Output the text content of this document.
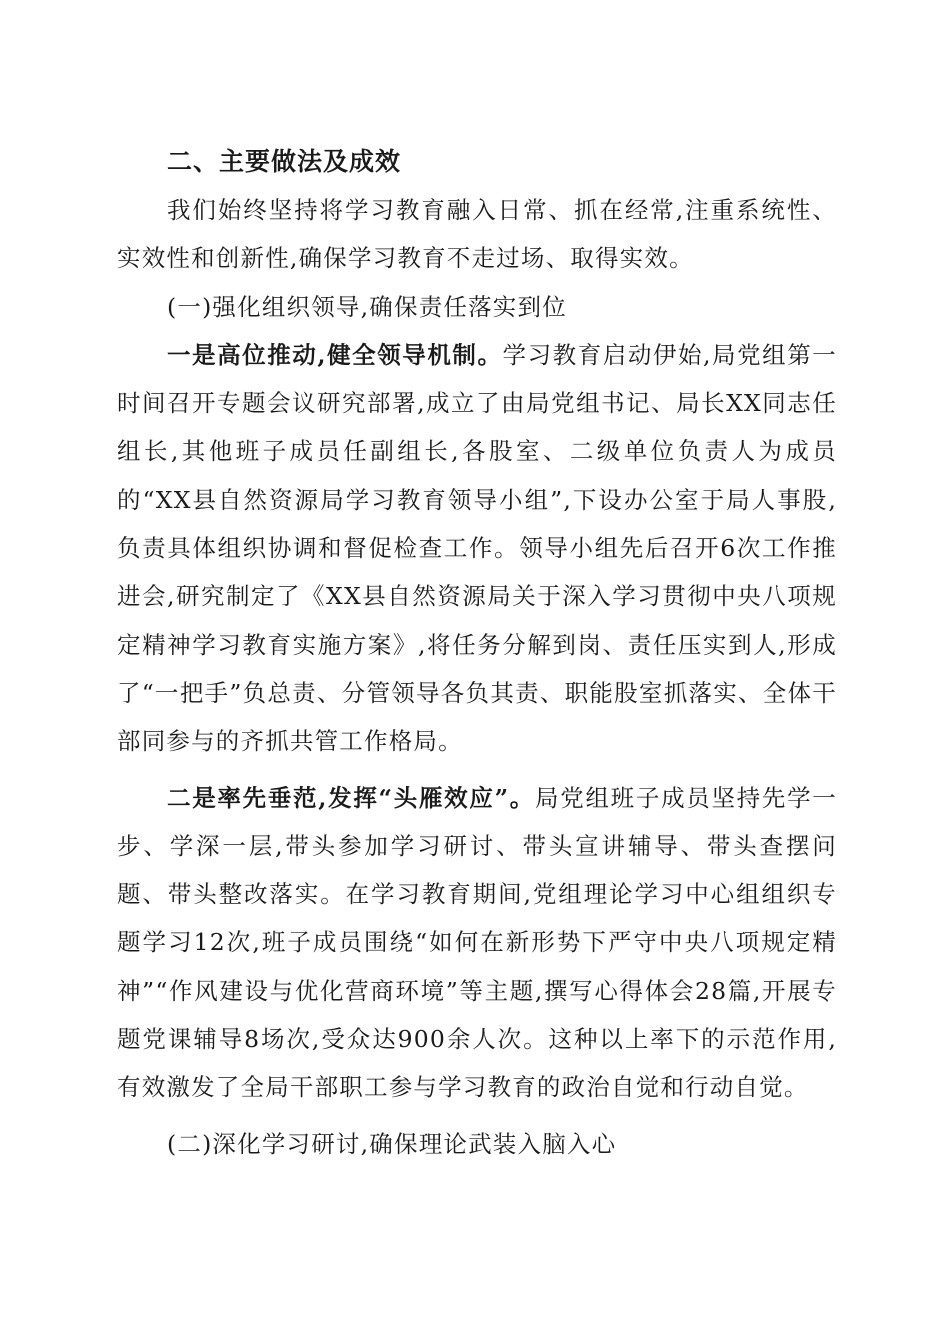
二、主要做法及成效

我们始终坚持将学习教育融入日常、抓在经常,注重系统性、实效性和创新性,确保学习教育不走过场、取得实效。

(一)强化组织领导,确保责任落实到位

一是高位推动,健全领导机制。学习教育启动伊始,局党组第一时间召开专题会议研究部署,成立了由局党组书记、局长XX同志任组长,其他班子成员任副组长,各股室、二级单位负责人为成员的“XX县自然资源局学习教育领导小组”,下设办公室于局人事股,负责具体组织协调和督促检查工作。领导小组先后召开6次工作推进会,研究制定了《XX县自然资源局关于深入学习贯彻中央八项规定精神学习教育实施方案》,将任务分解到岗、责任压实到人,形成了“一把手”负总责、分管领导各负其责、职能股室抓落实、全体干部同参与的齐抓共管工作格局。

二是率先垂范,发挥“头雁效应”。局党组班子成员坚持先学一步、学深一层,带头参加学习研讨、带头宣讲辅导、带头查摆问题、带头整改落实。在学习教育期间,党组理论学习中心组组织专题学习12次,班子成员围绕“如何在新形势下严守中央八项规定精神”“作风建设与优化营商环境”等主题,撰写心得体会28篇,开展专题党课辅导8场次,受众达900余人次。这种以上率下的示范作用,有效激发了全局干部职工参与学习教育的政治自觉和行动自觉。

(二)深化学习研讨,确保理论武装入脑入心
